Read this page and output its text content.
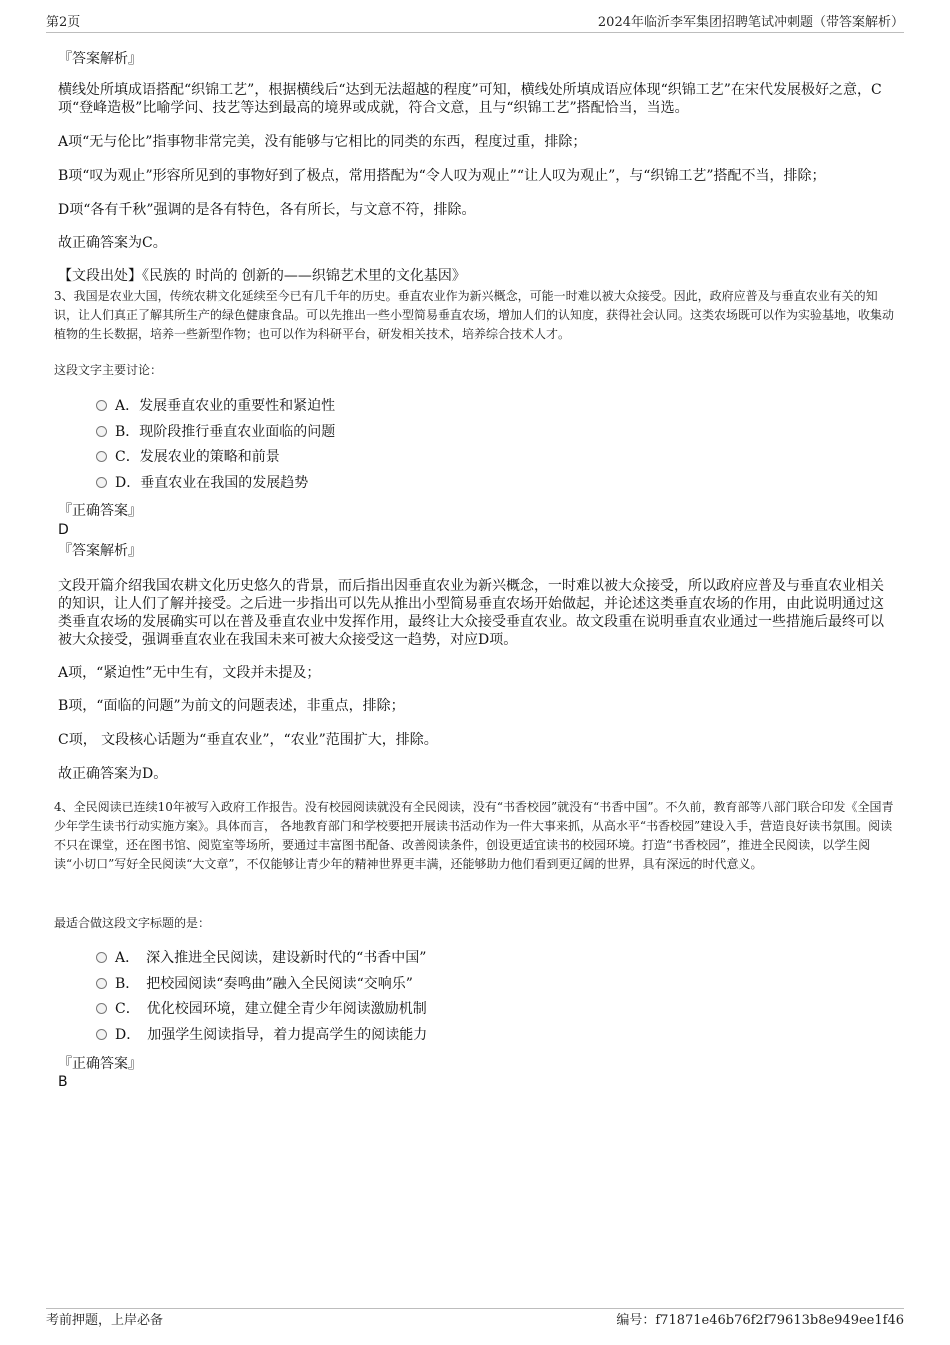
第2页	2024年临沂李军集团招聘笔试冲刺题（带答案解析）
『答案解析』

横线处所填成语搭配“织锦工艺”，根据横线后“达到无法超越的程度”可知，横线处所填成语应体现“织锦工艺”在宋代发展极好之意，C项“登峰造极”比喻学问、技艺等达到最高的境界或成就，符合文意，且与“织锦工艺”搭配恰当，当选。

A项“无与伦比”指事物非常完美，没有能够与它相比的同类的东西，程度过重，排除；

B项“叹为观止”形容所见到的事物好到了极点，常用搭配为“令人叹为观止”“让人叹为观止”，与“织锦工艺”搭配不当，排除；

D项“各有千秋”强调的是各有特色，各有所长，与文意不符，排除。

故正确答案为C。

【文段出处】《民族的 时尚的 创新的——织锦艺术里的文化基因》

3、我国是农业大国，传统农耕文化延续至今已有几千年的历史。垂直农业作为新兴概念，可能一时难以被大众接受。因此，政府应普及与垂直农业有关的知识，让人们真正了解其所生产的绿色健康食品。可以先推出一些小型简易垂直农场，增加人们的认知度，获得社会认同。这类农场既可以作为实验基地，收集动植物的生长数据，培养一些新型作物；也可以作为科研平台，研发相关技术，培养综合技术人才。

这段文字主要讨论：

A．发展垂直农业的重要性和紧迫性
B．现阶段推行垂直农业面临的问题
C．发展农业的策略和前景
D．垂直农业在我国的发展趋势
『正确答案』
D
『答案解析』

文段开篇介绍我国农耕文化历史悠久的背景，而后指出因垂直农业为新兴概念，一时难以被大众接受，所以政府应普及与垂直农业相关的知识，让人们了解并接受。之后进一步指出可以先从推出小型简易垂直农场开始做起，并论述这类垂直农场的作用，由此说明通过这类垂直农场的发展确实可以在普及垂直农业中发挥作用，最终让大众接受垂直农业。故文段重在说明垂直农业通过一些措施后最终可以被大众接受，强调垂直农业在我国未来可被大众接受这一趋势，对应D项。

A项，“紧迫性”无中生有，文段并未提及；

B项，“面临的问题”为前文的问题表述，非重点，排除；

C项， 文段核心话题为“垂直农业”，“农业”范围扩大，排除。

故正确答案为D。

4、全民阅读已连续10年被写入政府工作报告。没有校园阅读就没有全民阅读，没有“书香校园”就没有“书香中国”。不久前，教育部等八部门联合印发《全国青少年学生读书行动实施方案》。具体而言， 各地教育部门和学校要把开展读书活动作为一件大事来抓，从高水平“书香校园”建设入手，营造良好读书氛围。阅读不只在课堂，还在图书馆、阅览室等场所，要通过丰富图书配备、改善阅读条件，创设更适宜读书的校园环境。打造“书香校园”，推进全民阅读，以学生阅读“小切口”写好全民阅读“大文章”，不仅能够让青少年的精神世界更丰满，还能够助力他们看到更辽阔的世界，具有深远的时代意义。

最适合做这段文字标题的是：

A．　深入推进全民阅读，建设新时代的“书香中国”
B．　把校园阅读“奏鸣曲”融入全民阅读“交响乐”
C．　优化校园环境，建立健全青少年阅读激励机制
D．　加强学生阅读指导，着力提高学生的阅读能力
『正确答案』
B
考前押题，上岸必备	编号：f71871e46b76f2f79613b8e949ee1f46
